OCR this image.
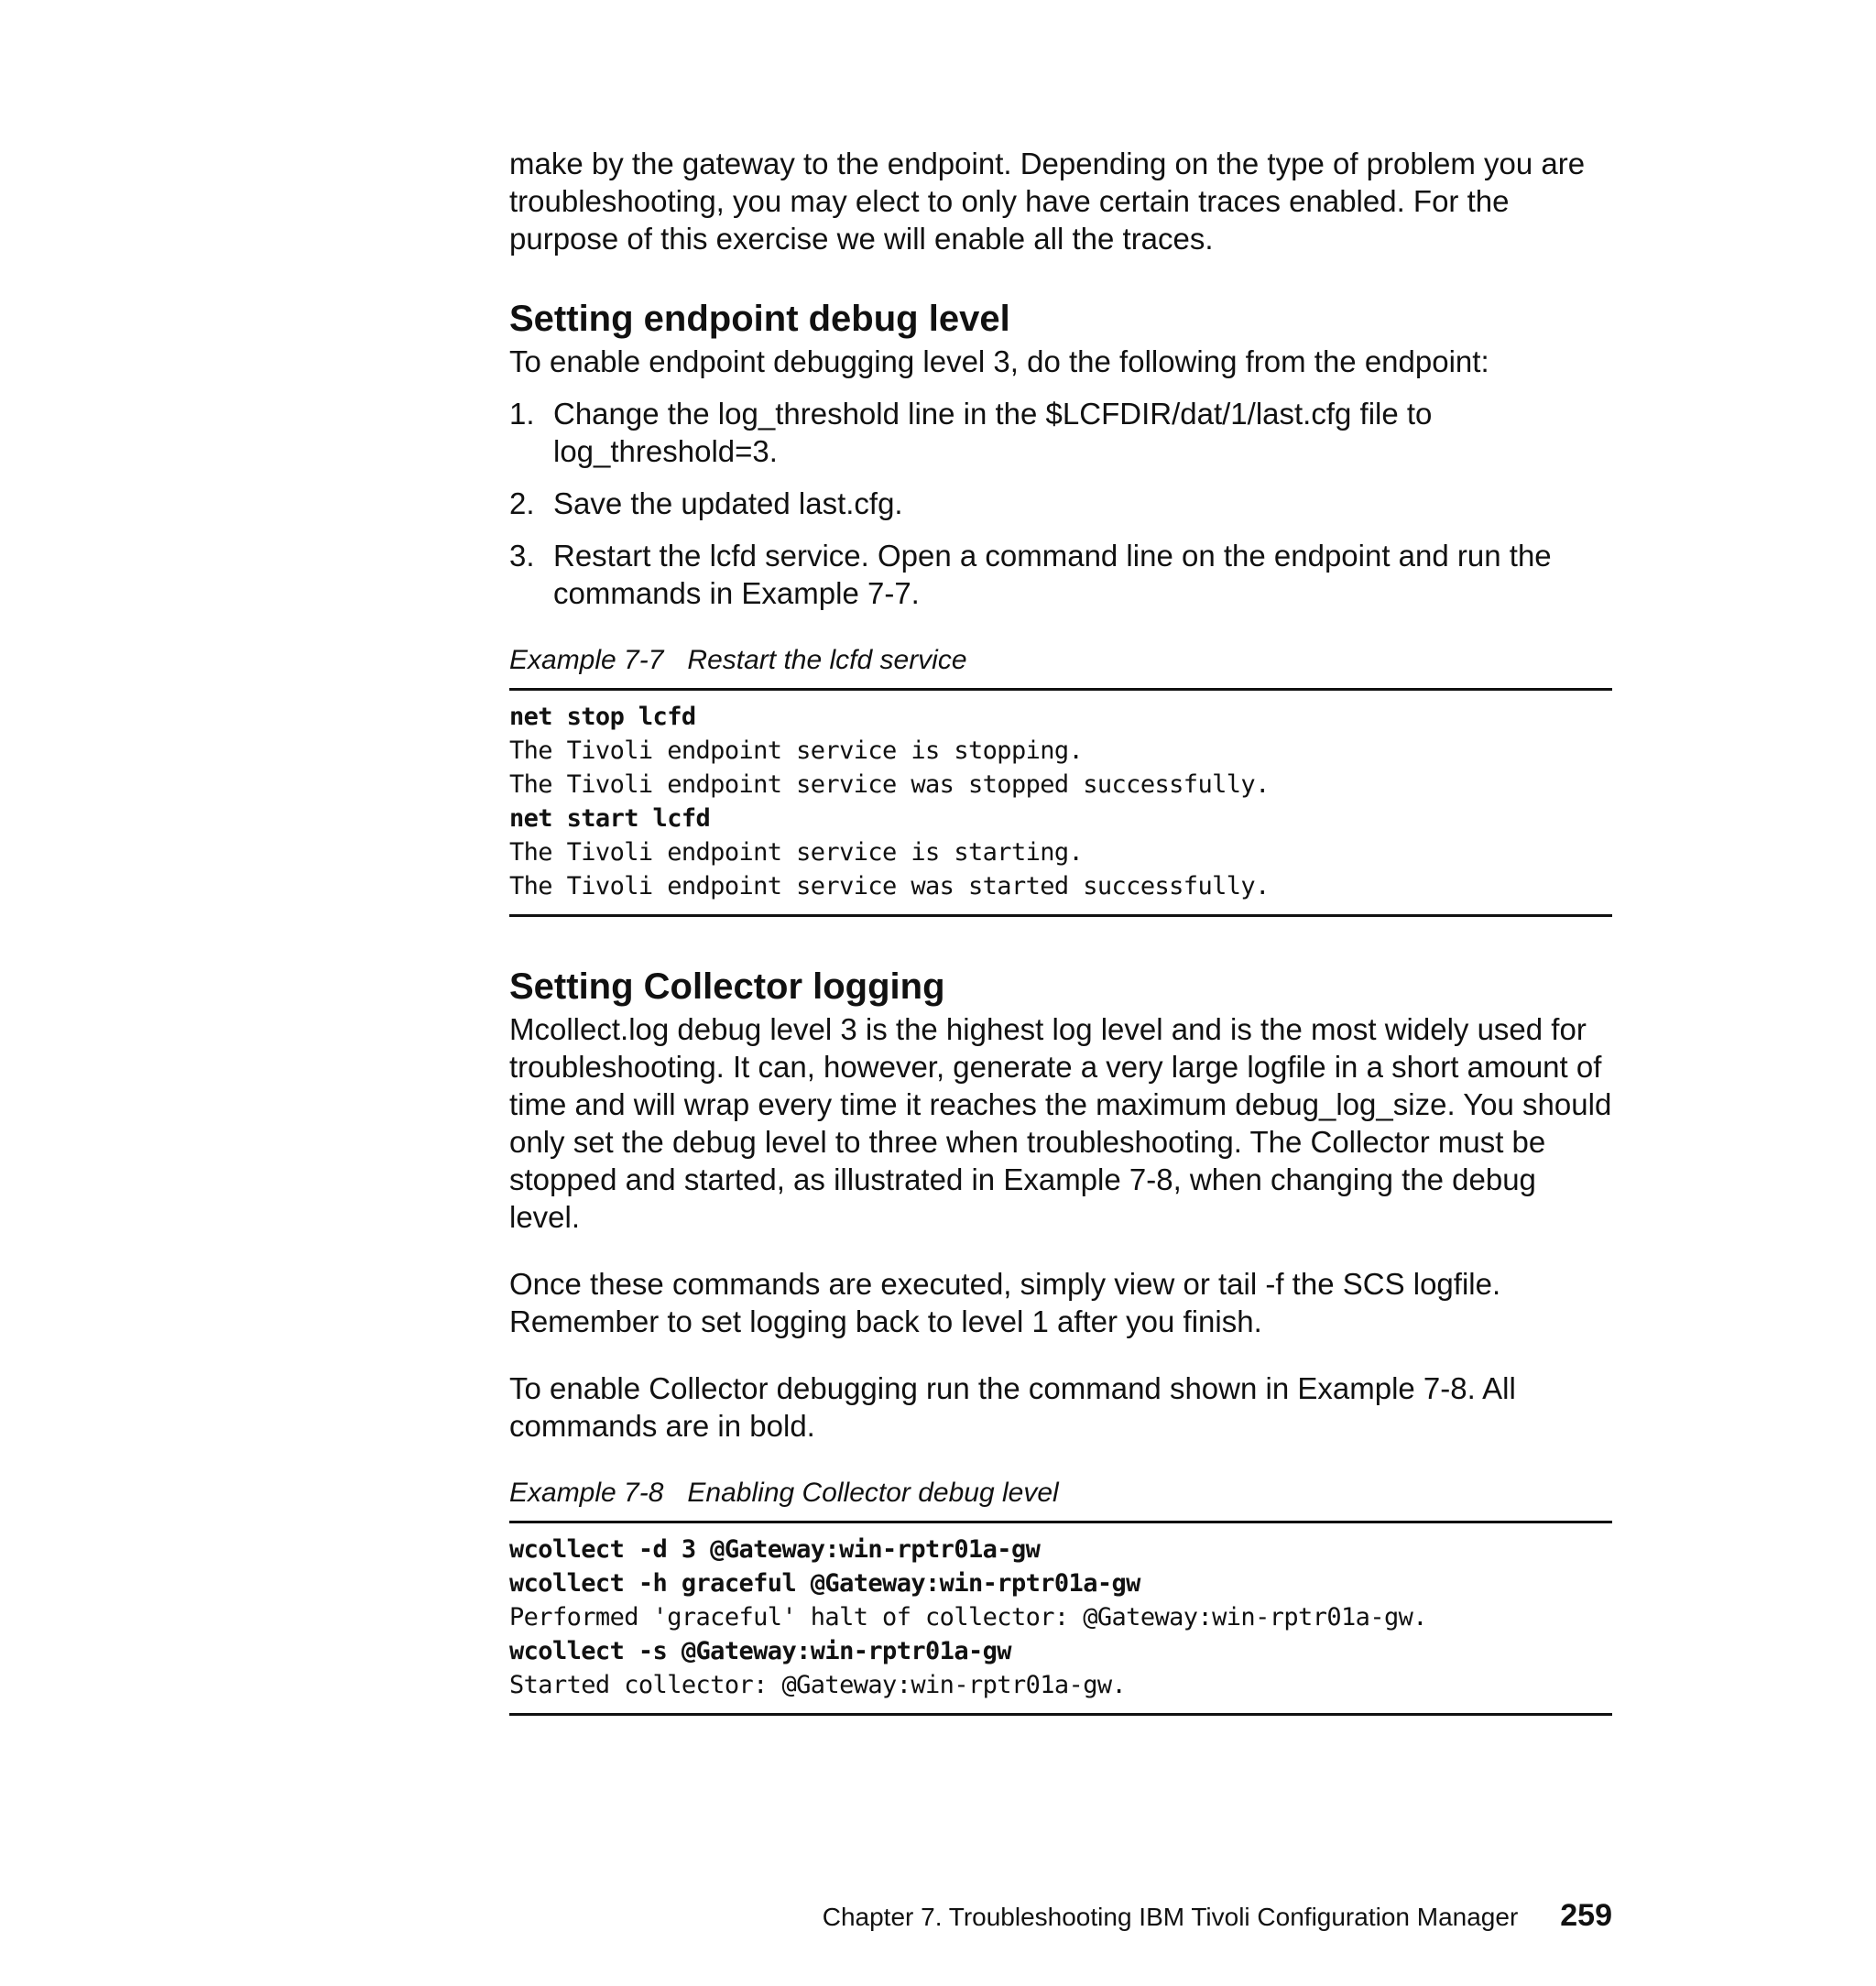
make by the gateway to the endpoint. Depending on the type of problem you are troubleshooting, you may elect to only have certain traces enabled. For the purpose of this exercise we will enable all the traces.

Setting endpoint debug level

To enable endpoint debugging level 3, do the following from the endpoint:

1. Change the log_threshold line in the $LCFDIR/dat/1/last.cfg file to log_threshold=3.
2. Save the updated last.cfg.
3. Restart the lcfd service. Open a command line on the endpoint and run the commands in Example 7-7.

Example 7-7 Restart the lcfd service

net stop lcfd
The Tivoli endpoint service is stopping.
The Tivoli endpoint service was stopped successfully.
net start lcfd
The Tivoli endpoint service is starting.
The Tivoli endpoint service was started successfully.
Setting Collector logging

Mcollect.log debug level 3 is the highest log level and is the most widely used for troubleshooting. It can, however, generate a very large logfile in a short amount of time and will wrap every time it reaches the maximum debug_log_size. You should only set the debug level to three when troubleshooting. The Collector must be stopped and started, as illustrated in Example 7-8, when changing the debug level.

Once these commands are executed, simply view or tail -f the SCS logfile. Remember to set logging back to level 1 after you finish.

To enable Collector debugging run the command shown in Example 7-8. All commands are in bold.

Example 7-8 Enabling Collector debug level

wcollect -d 3 @Gateway:win-rptr01a-gw
wcollect -h graceful @Gateway:win-rptr01a-gw
Performed 'graceful' halt of collector: @Gateway:win-rptr01a-gw.
wcollect -s @Gateway:win-rptr01a-gw
Started collector: @Gateway:win-rptr01a-gw.
Chapter 7. Troubleshooting IBM Tivoli Configuration Manager 259
